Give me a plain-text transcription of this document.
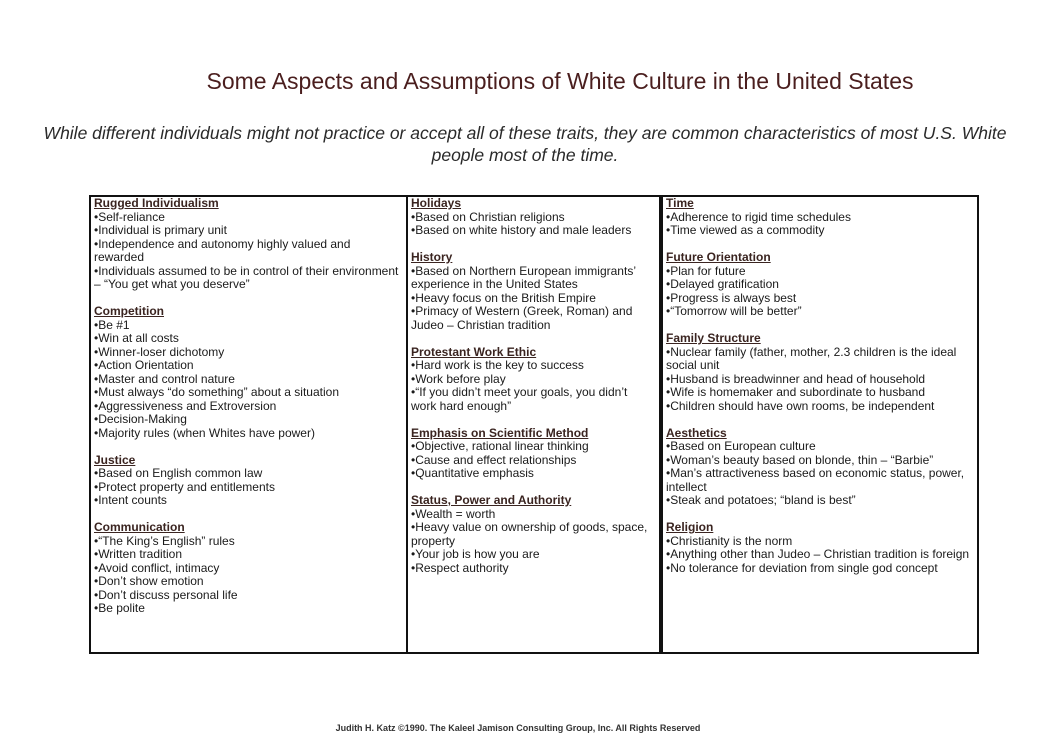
Some Aspects and Assumptions of White Culture in the United States
While different individuals might not practice or accept all of these traits, they are common characteristics of most U.S. White people most of the time.
Rugged Individualism
•Self-reliance
•Individual is primary unit
•Independence and autonomy highly valued and rewarded
•Individuals assumed to be in control of their environment
– “You get what you deserve”
Competition
•Be #1
•Win at all costs
•Winner-loser dichotomy
•Action Orientation
•Master and control nature
•Must always “do something” about a situation
•Aggressiveness and Extroversion
•Decision-Making
•Majority rules (when Whites have power)
Justice
•Based on English common law
•Protect property and entitlements
•Intent counts
Communication
•“The King’s English” rules
•Written tradition
•Avoid conflict, intimacy
•Don’t show emotion
•Don’t discuss personal life
•Be polite
Holidays
•Based on Christian religions
•Based on white history and male leaders
History
•Based on Northern European immigrants’
experience in the United States
•Heavy focus on the British Empire
•Primacy of Western (Greek, Roman) and
Judeo – Christian tradition
Protestant Work Ethic
•Hard work is the key to success
•Work before play
•“If you didn’t meet your goals, you didn’t
work hard enough”
Emphasis on Scientific Method
•Objective, rational linear thinking
•Cause and effect relationships
•Quantitative emphasis
Status, Power and Authority
•Wealth = worth
•Heavy value on ownership of goods, space,
property
•Your job is how you are
•Respect authority
Time
•Adherence to rigid time schedules
•Time viewed as a commodity
Future Orientation
•Plan for future
•Delayed gratification
•Progress is always best
•“Tomorrow will be better”
Family Structure
•Nuclear family (father, mother, 2.3 children is the ideal
social unit
•Husband is breadwinner and head of household
•Wife is homemaker and subordinate to husband
•Children should have own rooms, be independent
Aesthetics
•Based on European culture
•Woman’s beauty based on blonde, thin – “Barbie”
•Man’s attractiveness based on economic status, power,
intellect
•Steak and potatoes; “bland is best”
Religion
•Christianity is the norm
•Anything other than Judeo – Christian tradition is foreign
•No tolerance for deviation from single god concept
Judith H. Katz ©1990. The Kaleel Jamison Consulting Group, Inc. All Rights Reserved
